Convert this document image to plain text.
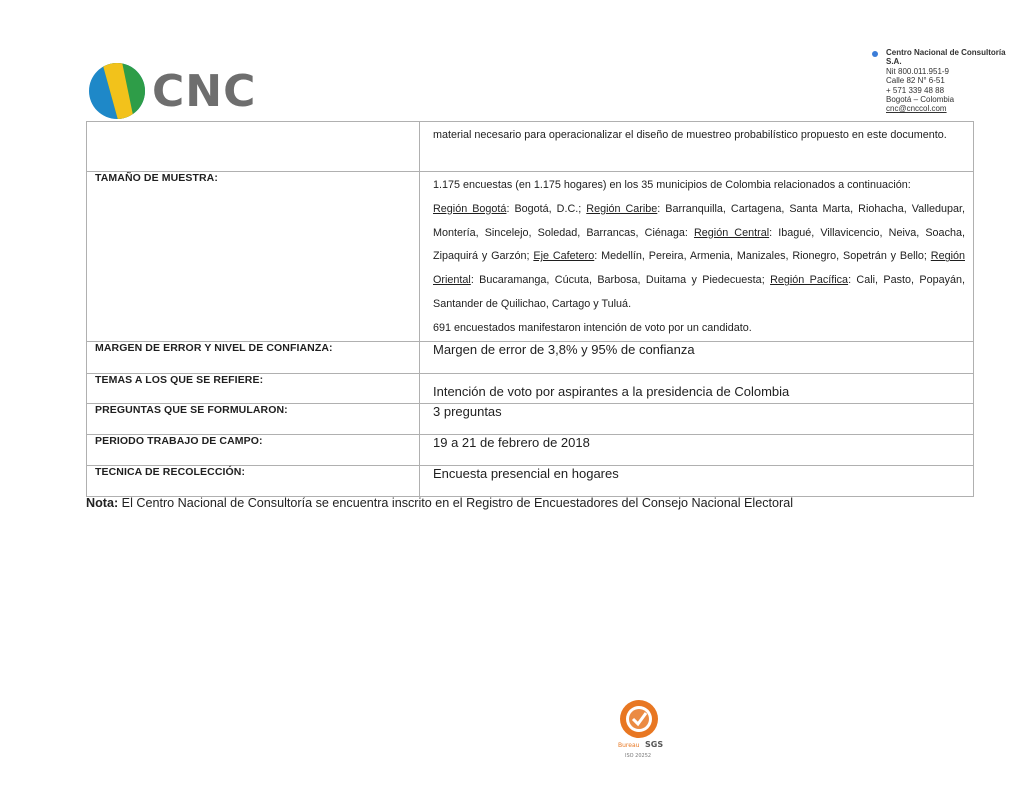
CNC
Centro Nacional de Consultoría S.A.
Nit 800.011.951-9
Calle 82 N° 6-51
+ 571 339 48 88
Bogotá – Colombia
cnc@cnccol.com
	material necesario para operacionalizar el diseño de muestreo probabilístico propuesto en este documento.
TAMAÑO DE MUESTRA:	1.175 encuestas (en 1.175 hogares) en los 35 municipios de Colombia relacionados a continuación:
Región Bogotá: Bogotá, D.C.; Región Caribe: Barranquilla, Cartagena, Santa Marta, Riohacha, Valledupar, Montería, Sincelejo, Soledad, Barrancas, Ciénaga: Región Central: Ibagué, Villavicencio, Neiva, Soacha, Zipaquirá y Garzón; Eje Cafetero: Medellín, Pereira, Armenia, Manizales, Rionegro, Sopetrán y Bello; Región Oriental: Bucaramanga, Cúcuta, Barbosa, Duitama y Piedecuesta; Región Pacífica: Cali, Pasto, Popayán, Santander de Quilichao, Cartago y Tuluá.
691 encuestados manifestaron intención de voto por un candidato.

MARGEN DE ERROR Y NIVEL DE CONFIANZA:	Margen de error de 3,8% y 95% de confianza
TEMAS A LOS QUE SE REFIERE:	Intención de voto por aspirantes a la presidencia de Colombia
PREGUNTAS QUE SE FORMULARON:	3 preguntas
PERIODO TRABAJO DE CAMPO:	19 a 21 de febrero de 2018
TECNICA DE RECOLECCIÓN:	Encuesta presencial en hogares
Nota: El Centro Nacional de Consultoría se encuentra inscrito en el Registro de Encuestadores del Consejo Nacional Electoral
Bureau SGS
ISO 20252
